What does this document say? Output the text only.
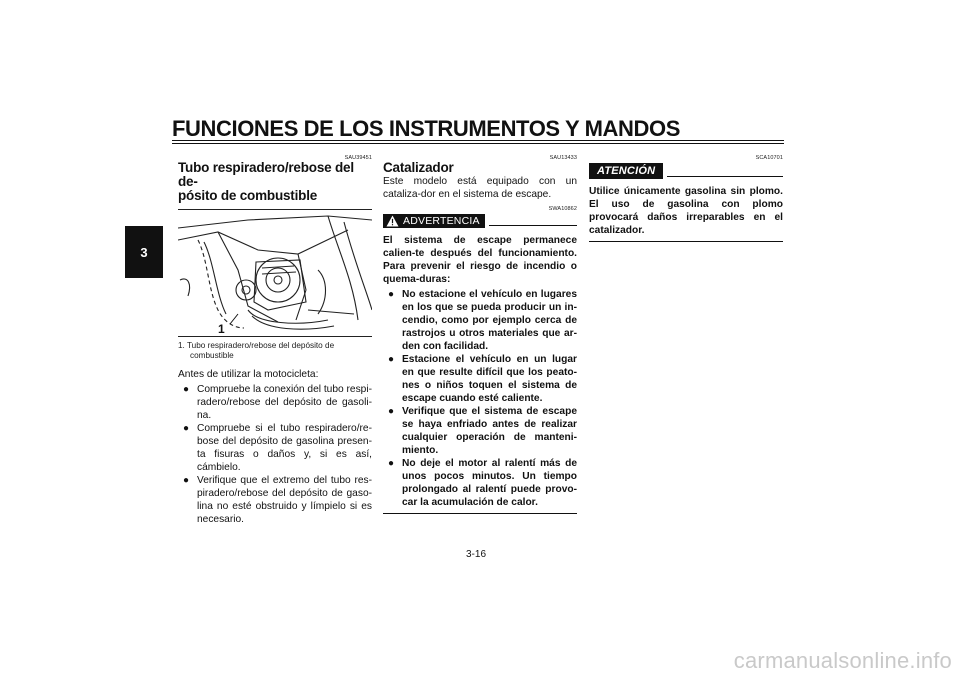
FUNCIONES DE LOS INSTRUMENTOS Y MANDOS
3
SAU39451
Tubo respiradero/rebose del de-
pósito de combustible
1
1. Tubo respiradero/rebose del depósito de
combustible

Antes de utilizar la motocicleta:

● Compruebe la conexión del tubo respi-radero/rebose del depósito de gasoli-na.
● Compruebe si el tubo respiradero/re-bose del depósito de gasolina presen-ta fisuras o daños y, si es así, cámbielo.
● Verifique que el extremo del tubo res-piradero/rebose del depósito de gaso-lina no esté obstruido y límpielo si es necesario.
SAU13433
Catalizador

Este modelo está equipado con un cataliza-dor en el sistema de escape.

SWA10862
ADVERTENCIA

El sistema de escape permanece calien-te después del funcionamiento. Para prevenir el riesgo de incendio o quema-duras:

● No estacione el vehículo en lugares en los que se pueda producir un in-cendio, como por ejemplo cerca de rastrojos u otros materiales que ar-den con facilidad.
● Estacione el vehículo en un lugar en que resulte difícil que los peato-nes o niños toquen el sistema de escape cuando esté caliente.
● Verifique que el sistema de escape se haya enfriado antes de realizar cualquier operación de manteni-miento.
● No deje el motor al ralentí más de unos pocos minutos. Un tiempo prolongado al ralentí puede provo-car la acumulación de calor.
SCA10701
ATENCIÓN

Utilice únicamente gasolina sin plomo. El uso de gasolina con plomo provocará daños irreparables en el catalizador.

3-16
carmanualsonline.info
